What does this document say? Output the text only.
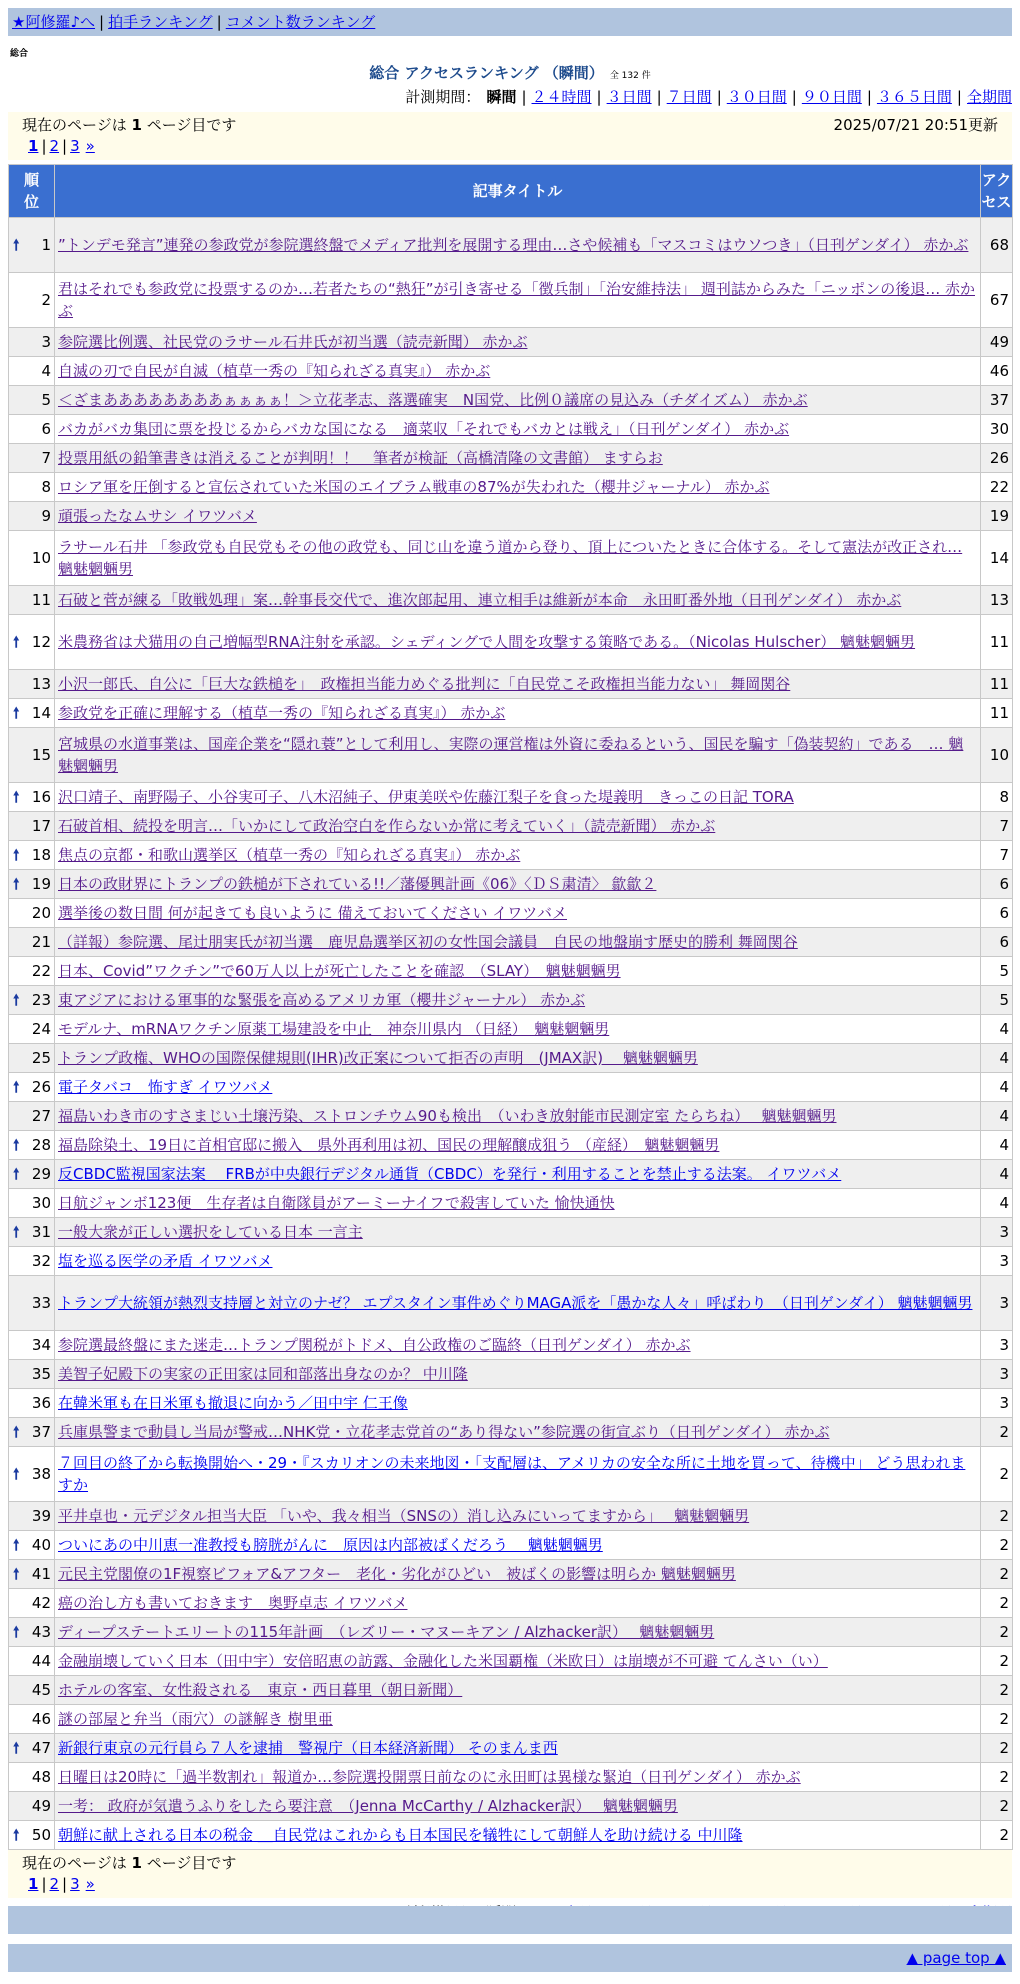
★阿修羅♪へ | 拍手ランキング | コメント数ランキング
総合
総合 アクセスランキング （瞬間） 全 132 件
計測期間： 瞬間 | ２４時間 | ３日間 | ７日間 | ３０日間 | ９０日間 | ３６５日間 | 全期間
現在のページは 1 ページ目です	2025/07/21 20:51更新
1 | 2 | 3 »
順位	記事タイトル	アクセス

🠕 1	”トンデモ発言”連発の参政党が参院選終盤でメディア批判を展開する理由…さや候補も「マスコミはウソつき」（日刊ゲンダイ） 赤かぶ	68
2	君はそれでも参政党に投票するのか…若者たちの“熱狂”が引き寄せる「徴兵制」「治安維持法」 週刊誌からみた「ニッポンの後退… 赤かぶ	67
3	参院選比例選、社民党のラサール石井氏が初当選（読売新聞） 赤かぶ	49
4	自滅の刃で自民が自滅（植草一秀の『知られざる真実』） 赤かぶ	46
5	＜ざまああああああああぁぁぁぁ！＞立花孝志、落選確実　N国党、比例０議席の見込み（チダイズム） 赤かぶ	37
6	バカがバカ集団に票を投じるからバカな国になる　適菜収「それでもバカとは戦え」（日刊ゲンダイ） 赤かぶ	30
7	投票用紙の鉛筆書きは消えることが判明！！　筆者が検証（高橋清隆の文書館） ますらお	26
8	ロシア軍を圧倒すると宣伝されていた米国のエイブラム戦車の87%が失われた（櫻井ジャーナル） 赤かぶ	22
9	頑張ったなムサシ イワツバメ	19
10	ラサール石井 「参政党も自民党もその他の政党も、同じ山を違う道から登り、頂上についたときに合体する。そして憲法が改正され… 魑魅魍魎男	14
11	石破と菅が練る「敗戦処理」案…幹事長交代で、進次郎起用、連立相手は維新が本命　永田町番外地（日刊ゲンダイ） 赤かぶ	13

🠕 12	米農務省は犬猫用の自己増幅型RNA注射を承認。シェディングで人間を攻撃する策略である。（Nicolas Hulscher） 魑魅魍魎男	11
13	小沢一郎氏、自公に「巨大な鉄槌を」　政権担当能力めぐる批判に「自民党こそ政権担当能力ない」 舞岡関谷	11

🠕 14	参政党を正確に理解する（植草一秀の『知られざる真実』） 赤かぶ	11
15	宮城県の水道事業は、国産企業を“隠れ蓑”として利用し、実際の運営権は外資に委ねるという、国民を騙す「偽装契約」である　… 魑魅魍魎男	10

🠕 16	沢口靖子、南野陽子、小谷実可子、八木沼純子、伊東美咲や佐藤江梨子を食った堤義明　きっこの日記 TORA	8
17	石破首相、続投を明言…「いかにして政治空白を作らないか常に考えていく」（読売新聞） 赤かぶ	7

🠕 18	焦点の京都・和歌山選挙区（植草一秀の『知られざる真実』） 赤かぶ	7

🠕 19	日本の政財界にトランプの鉄槌が下されている!!／藩優興計画《06》〈ＤＳ粛清〉 歙歙２	6
20	選挙後の数日間 何が起きても良いように 備えておいてください イワツバメ	6
21	（詳報）参院選、尾辻朋実氏が初当選　鹿児島選挙区初の女性国会議員　自民の地盤崩す歴史的勝利 舞岡関谷	6
22	日本、Covid”ワクチン”で60万人以上が死亡したことを確認　（SLAY）　魑魅魍魎男	5

🠕 23	東アジアにおける軍事的な緊張を高めるアメリカ軍（櫻井ジャーナル） 赤かぶ	5
24	モデルナ、mRNAワクチン原薬工場建設を中止　神奈川県内 （日経）　魑魅魍魎男	4
25	トランプ政権、WHOの国際保健規則(IHR)改正案について拒否の声明　(JMAX訳)　 魑魅魍魎男	4

🠕 26	電子タバコ　怖すぎ イワツバメ	4
27	福島いわき市のすさまじい土壌汚染、ストロンチウム90も検出　（いわき放射能市民測定室 たらちね）　 魑魅魍魎男	4

🠕 28	福島除染土、19日に首相官邸に搬入　県外再利用は初、国民の理解醸成狙う （産経）　魑魅魍魎男	4

🠕 29	反CBDC監視国家法案　 FRBが中央銀行デジタル通貨（CBDC）を発行・利用することを禁止する法案。 イワツバメ	4
30	日航ジャンボ123便　生存者は自衛隊員がアーミーナイフで殺害していた 愉快通快	4

🠕 31	一般大衆が正しい選択をしている日本 一言主	3
32	塩を巡る医学の矛盾 イワツバメ	3
33	トランプ大統領が熱烈支持層と対立のナゼ？ エプスタイン事件めぐりMAGA派を「愚かな人々」呼ばわり　（日刊ゲンダイ） 魑魅魍魎男	3
34	参院選最終盤にまた迷走…トランプ関税がトドメ、自公政権のご臨終（日刊ゲンダイ） 赤かぶ	3
35	美智子妃殿下の実家の正田家は同和部落出身なのか？ 中川隆	3
36	在韓米軍も在日米軍も撤退に向かう／田中宇 仁王像	3

🠕 37	兵庫県警まで動員し当局が警戒…NHK党・立花孝志党首の“あり得ない”参院選の街宣ぶり（日刊ゲンダイ） 赤かぶ	2

🠕 38	７回目の終了から転換開始へ・29・『スカリオンの未来地図・「支配層は、アメリカの安全な所に土地を買って、待機中」 どう思われますか	2
39	平井卓也・元デジタル担当大臣 「いや、我々相当（SNSの）消し込みにいってますから」　 魑魅魍魎男	2

🠕 40	ついにあの中川恵一准教授も膀胱がんに　原因は内部被ばくだろう　 魑魅魍魎男	2

🠕 41	元民主党閣僚の1F視察ビフォア&アフター　老化・劣化がひどい　被ばくの影響は明らか 魑魅魍魎男	2
42	癌の治し方も書いておきます　奥野卓志 イワツバメ	2

🠕 43	ディープステートエリートの115年計画　（レズリー・マヌーキアン / Alzhacker訳）　 魑魅魍魎男	2
44	金融崩壊していく日本（田中宇）安倍昭恵の訪露、金融化した米国覇権（米欧日）は崩壊が不可避 てんさい（い）	2
45	ホテルの客室、女性殺される　東京・西日暮里（朝日新聞）	2
46	謎の部屋と弁当（雨穴）の謎解き 樹里亜	2

🠕 47	新銀行東京の元行員ら７人を逮捕　警視庁（日本経済新聞） そのまんま西	2
48	日曜日は20時に「過半数割れ」報道か…参院選投開票日前なのに永田町は異様な緊迫（日刊ゲンダイ） 赤かぶ	2
49	一考： 政府が気遣うふりをしたら要注意　（Jenna McCarthy / Alzhacker訳）　 魑魅魍魎男	2

🠕 50	朝鮮に献上される日本の税金 ＿自民党はこれからも日本国民を犠牲にして朝鮮人を助け続ける 中川隆	2
現在のページは 1 ページ目です
1 | 2 | 3 »
▲ page top ▲
